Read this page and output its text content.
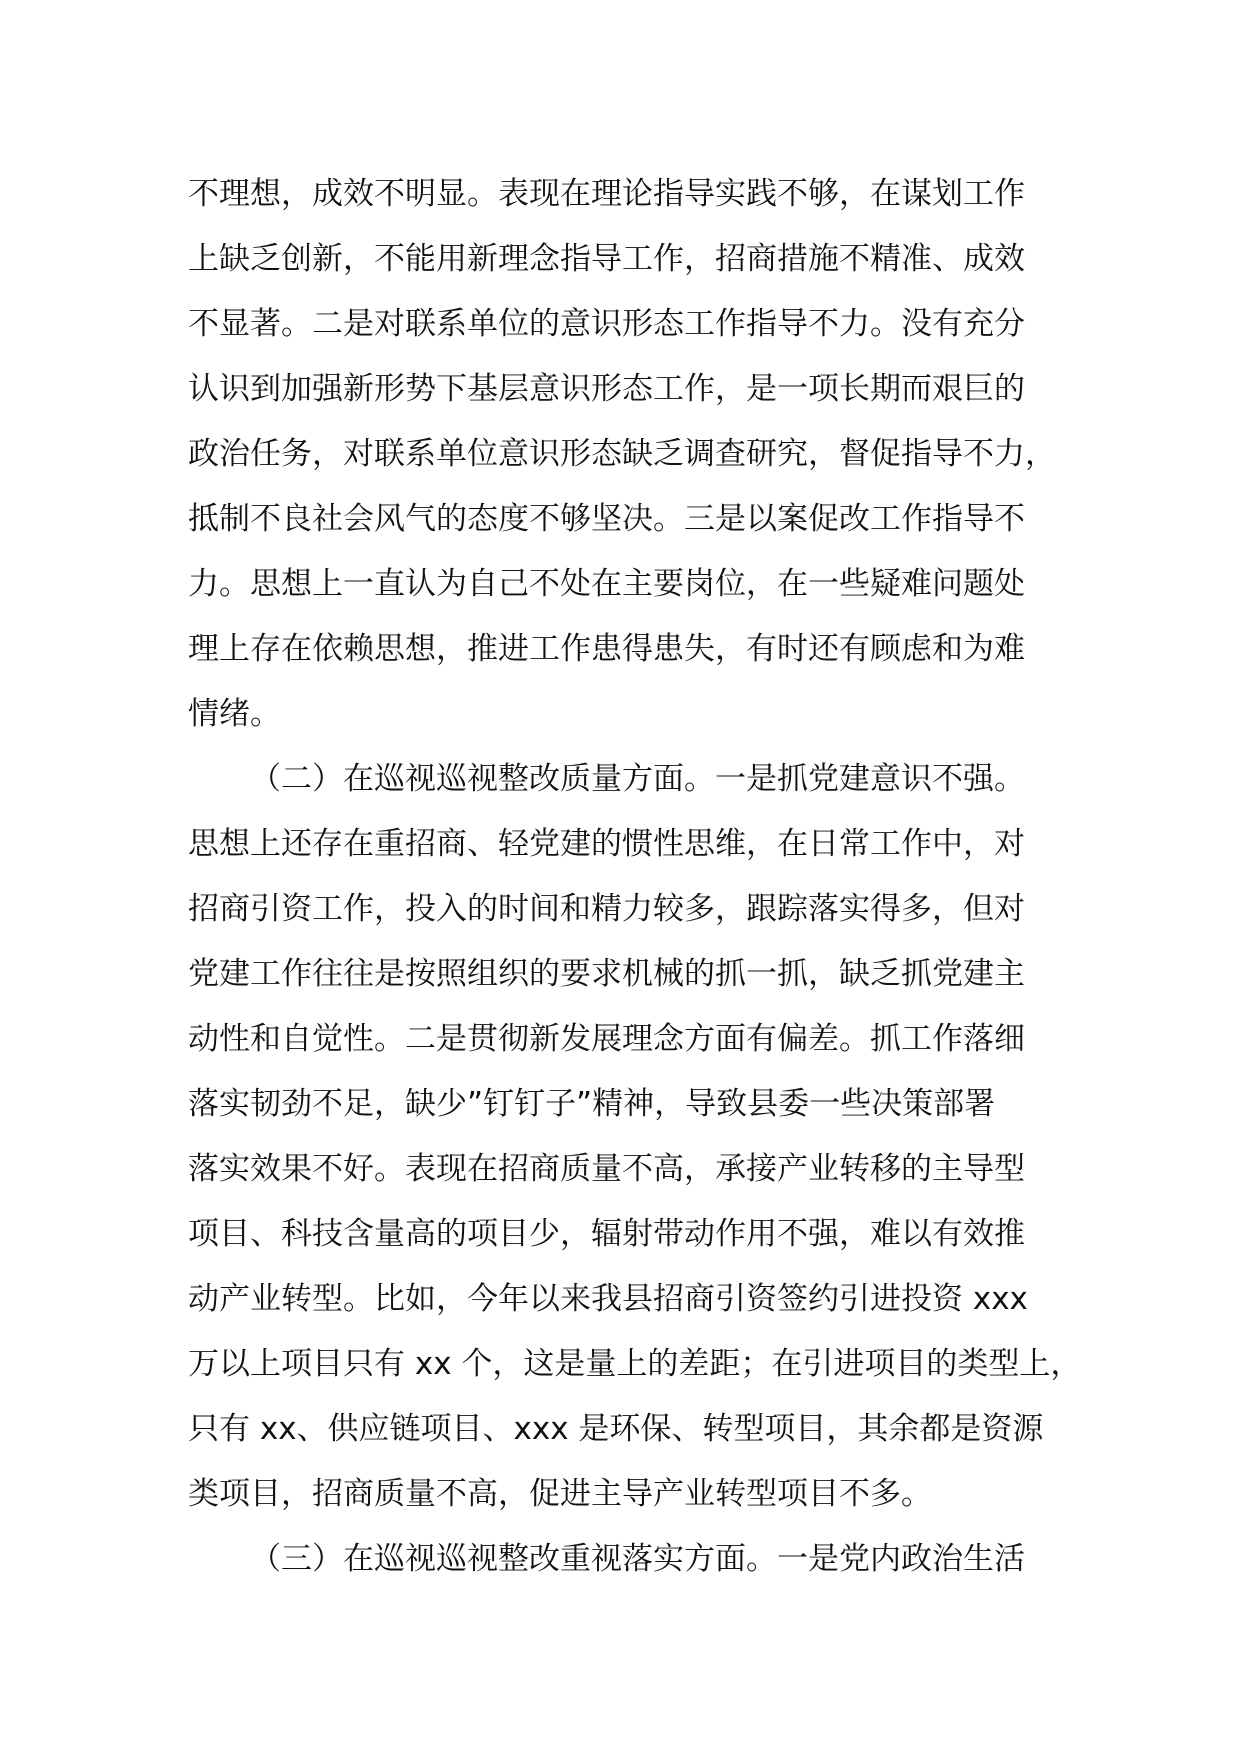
不理想，成效不明显。表现在理论指导实践不够，在谋划工作
上缺乏创新，不能用新理念指导工作，招商措施不精准、成效
不显著。二是对联系单位的意识形态工作指导不力。没有充分
认识到加强新形势下基层意识形态工作，是一项长期而艰巨的
政治任务，对联系单位意识形态缺乏调查研究，督促指导不力，
抵制不良社会风气的态度不够坚决。三是以案促改工作指导不
力。思想上一直认为自己不处在主要岗位，在一些疑难问题处
理上存在依赖思想，推进工作患得患失，有时还有顾虑和为难
情绪。
（二）在巡视巡视整改质量方面。一是抓党建意识不强。
思想上还存在重招商、轻党建的惯性思维，在日常工作中，对
招商引资工作，投入的时间和精力较多，跟踪落实得多，但对
党建工作往往是按照组织的要求机械的抓一抓，缺乏抓党建主
动性和自觉性。二是贯彻新发展理念方面有偏差。抓工作落细
落实韧劲不足，缺少”钉钉子”精神，导致县委一些决策部署
落实效果不好。表现在招商质量不高，承接产业转移的主导型
项目、科技含量高的项目少，辐射带动作用不强，难以有效推
动产业转型。比如，今年以来我县招商引资签约引进投资 xxx
万以上项目只有 xx 个，这是量上的差距；在引进项目的类型上，
只有 xx、供应链项目、xxx 是环保、转型项目，其余都是资源
类项目，招商质量不高，促进主导产业转型项目不多。
（三）在巡视巡视整改重视落实方面。一是党内政治生活
